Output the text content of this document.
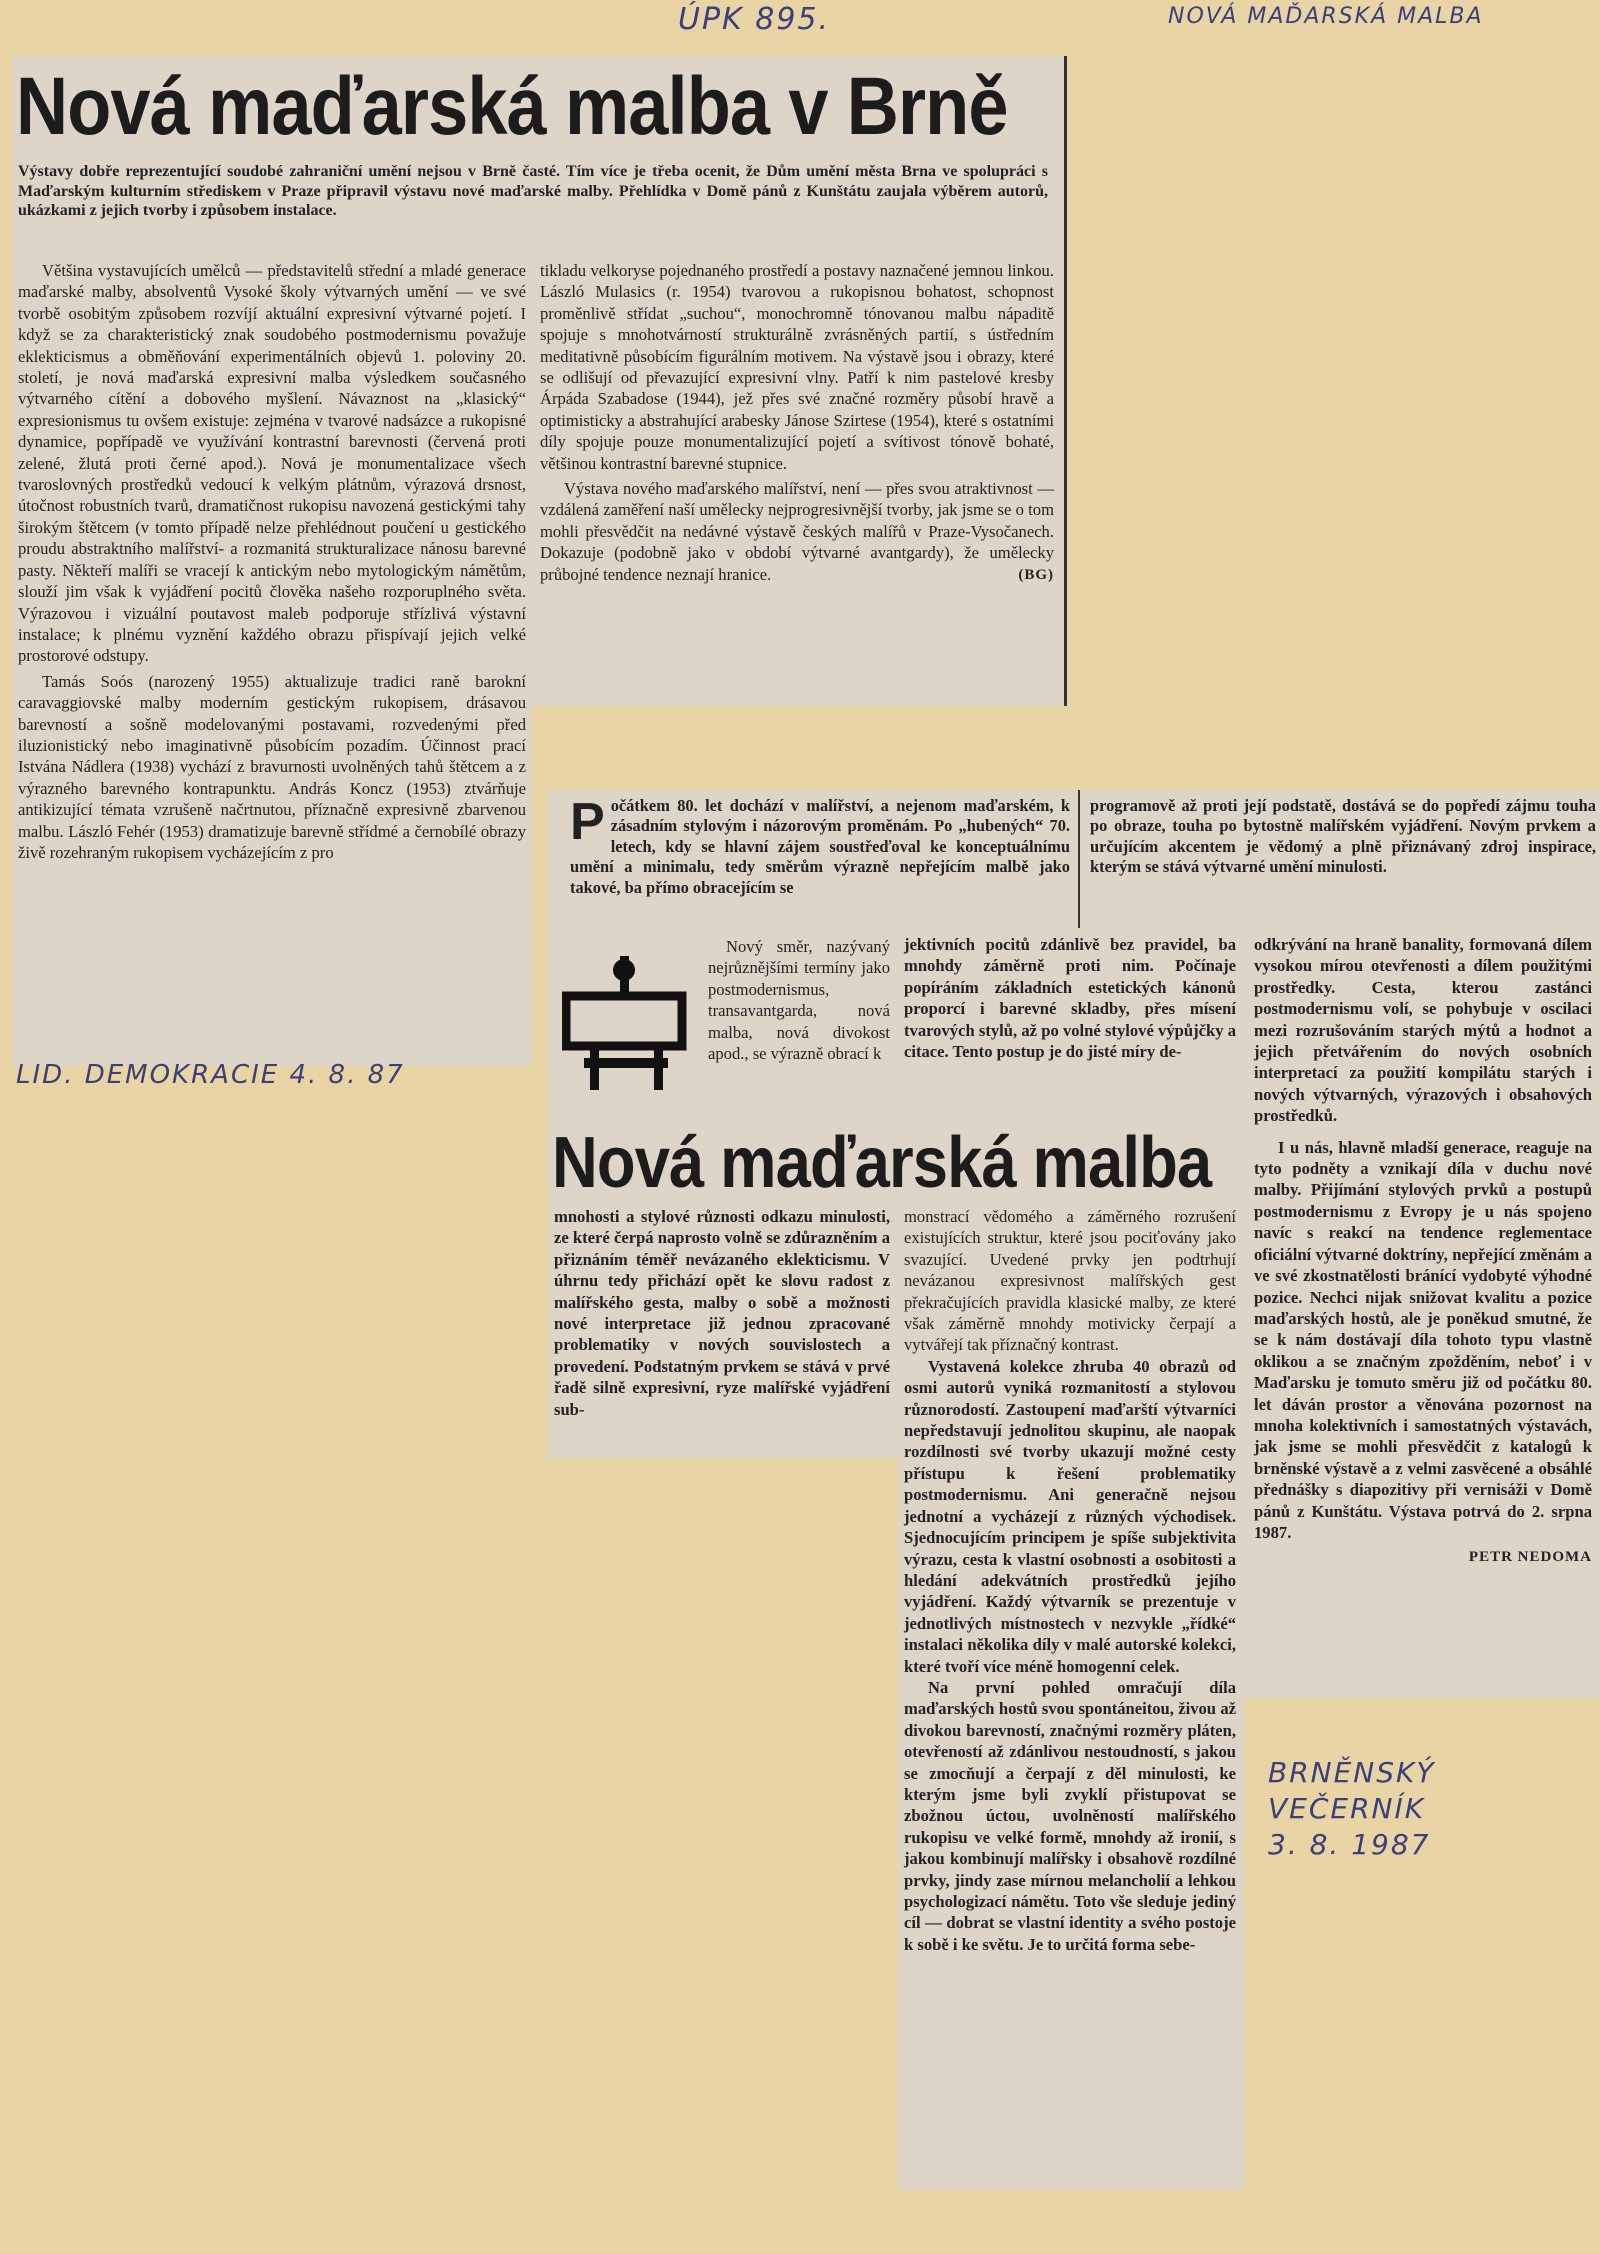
ÚPK 895.	NOVÁ MAĎARSKÁ MALBA
Nová maďarská malba v Brně
Výstavy dobře reprezentující soudobé zahraniční umění nejsou v Brně časté. Tím více je třeba ocenit, že Dům umění města Brna ve spolupráci s Maďarským kulturním střediskem v Praze připravil výstavu nové maďarské malby. Přehlídka v Domě pánů z Kunštátu zaujala výběrem autorů, ukázkami z jejich tvorby i způsobem instalace.

Většina vystavujících umělců — představitelů střední a mladé generace maďarské malby, absolventů Vysoké školy výtvarných umění — ve své tvorbě osobitým způsobem rozvíjí aktuální expresivní výtvarné pojetí. I když se za charakteristický znak soudobého postmodernismu považuje eklekticismus a obměňování experimentálních objevů 1. poloviny 20. století, je nová maďarská expresivní malba výsledkem současného výtvarného cítění a dobového myšlení. Návaznost na „klasický“ expresionismus tu ovšem existuje: zejména v tvarové nadsázce a rukopisné dynamice, popřípadě ve využívání kontrastní barevnosti (červená proti zelené, žlutá proti černé apod.). Nová je monumentalizace všech tvaroslovných prostředků vedoucí k velkým plátnům, výrazová drsnost, útočnost robustních tvarů, dramatičnost rukopisu navozená gestickými tahy širokým štětcem (v tomto případě nelze přehlédnout poučení u gestického proudu abstraktního malířství- a rozmanitá strukturalizace nánosu barevné pasty. Někteří malíři se vracejí k antickým nebo mytologickým námětům, slouží jim však k vyjádření pocitů člověka našeho rozporuplného světa. Výrazovou i vizuální poutavost maleb podporuje střízlivá výstavní instalace; k plnému vyznění každého obrazu přispívají jejich velké prostorové odstupy.

Tamás Soós (narozený 1955) aktualizuje tradici raně barokní caravaggiovské malby moderním gestickým rukopisem, drásavou barevností a sošně modelovanými postavami, rozvedenými před iluzionistický nebo imaginativně působícím pozadím. Účinnost prací Istvána Nádlera (1938) vychází z bravurnosti uvolněných tahů štětcem a z výrazného barevného kontrapunktu. András Koncz (1953) ztvárňuje antikizující témata vzrušeně načrtnutou, příznačně expresivně zbarvenou malbu. László Fehér (1953) dramatizuje barevně střídmé a černobílé obrazy živě rozehraným rukopisem vycházejícím z pro

tikladu velkoryse pojednaného prostředí a postavy naznačené jemnou linkou. László Mulasics (r. 1954) tvarovou a rukopisnou bohatost, schopnost proměnlivě střídat „suchou“, monochromně tónovanou malbu nápaditě spojuje s mnohotvárností strukturálně zvrásněných partií, s ústředním meditativně působícím figurálním motivem. Na výstavě jsou i obrazy, které se odlišují od převazující expresivní vlny. Patří k nim pastelové kresby Árpáda Szabadose (1944), jež přes své značné rozměry působí hravě a optimisticky a abstrahující arabesky Jánose Szirtese (1954), které s ostatními díly spojuje pouze monumentalizující pojetí a svítivost tónově bohaté, většinou kontrastní barevné stupnice.

Výstava nového maďarského malířství, není — přes svou atraktivnost — vzdálená zaměření naší umělecky nejprogresivnější tvorby, jak jsme se o tom mohli přesvědčit na nedávné výstavě českých malířů v Praze-Vysočanech. Dokazuje (podobně jako v období výtvarné avantgardy), že umělecky průbojné tendence neznají hranice.	(BG)
LID. DEMOKRACIE 4. 8. 87
P očátkem 80. let dochází v malířství, a nejenom maďarském, k zásadním stylovým i názorovým proměnám. Po „hubených“ 70. letech, kdy se hlavní zájem soustřeďoval ke konceptuálnímu umění a minimalu, tedy směrům výrazně nepřejícím malbě jako takové, ba přímo obracejícím se
programově až proti její podstatě, dostává se do popředí zájmu touha po obraze, touha po bytostně malířském vyjádření. Novým prvkem a určujícím akcentem je vědomý a plně přiznávaný zdroj inspirace, kterým se stává výtvarné umění minulosti.
Nový směr, nazývaný nejrůznějšími termíny jako postmodernismus, transavantgarda, nová malba, nová divokost apod., se výrazně obrací k
jektivních pocitů zdánlivě bez pravidel, ba mnohdy záměrně proti nim. Počínaje popíráním základních estetických kánonů proporcí i barevné skladby, přes mísení tvarových stylů, až po volné stylové výpůjčky a citace. Tento postup je do jisté míry de-
Nová maďarská malba

odkrývání na hraně banality, formovaná dílem vysokou mírou otevřenosti a dílem použitými prostředky. Cesta, kterou zastánci postmodernismu volí, se pohybuje v oscilaci mezi rozrušováním starých mýtů a hodnot a jejich přetvářením do nových osobních interpretací za použití kompilátu starých i nových výtvarných, výrazových i obsahových prostředků.

I u nás, hlavně mladší generace, reaguje na tyto podněty a vznikají díla v duchu nové malby. Přijímání stylových prvků a postupů postmodernismu z Evropy je u nás spojeno navíc s reakcí na tendence reglementace oficiální výtvarné doktríny, nepřející změnám a ve své zkostnatělosti bránící vydobyté výhodné pozice. Nechci nijak snižovat kvalitu a pozice maďarských hostů, ale je poněkud smutné, že se k nám dostávají díla tohoto typu vlastně oklikou a se značným zpožděním, neboť i v Maďarsku je tomuto směru již od počátku 80. let dáván prostor a věnována pozornost na mnoha kolektivních i samostatných výstavách, jak jsme se mohli přesvědčit z katalogů k brněnské výstavě a z velmi zasvěcené a obsáhlé přednášky s diapozitivy při vernisáži v Domě pánů z Kunštátu. Výstava potrvá do 2. srpna 1987.

PETR NEDOMA
mnohosti a stylové různosti odkazu minulosti, ze které čerpá naprosto volně se zdůrazněním a přiznáním téměř nevázaného eklekticismu. V úhrnu tedy přichází opět ke slovu radost z malířského gesta, malby o sobě a možnosti nové interpretace již jednou zpracované problematiky v nových souvislostech a provedení. Podstatným prvkem se stává v prvé řadě silně expresivní, ryze malířské vyjádření sub-

monstrací vědomého a záměrného rozrušení existujících struktur, které jsou pociťovány jako svazující. Uvedené prvky jen podtrhují nevázanou expresivnost malířských gest překračujících pravidla klasické malby, ze které však záměrně mnohdy motivicky čerpají a vytvářejí tak příznačný kontrast.

Vystavená kolekce zhruba 40 obrazů od osmi autorů vyniká rozmanitostí a stylovou různorodostí. Zastoupení maďarští výtvarníci nepředstavují jednolitou skupinu, ale naopak rozdílnosti své tvorby ukazují možné cesty přístupu k řešení problematiky postmodernismu. Ani generačně nejsou jednotní a vycházejí z různých východisek. Sjednocujícím principem je spíše subjektivita výrazu, cesta k vlastní osobnosti a osobitosti a hledání adekvátních prostředků jejího vyjádření. Každý výtvarník se prezentuje v jednotlivých místnostech v nezvykle „řídké“ instalaci několika díly v malé autorské kolekci, které tvoří více méně homogenní celek.

Na první pohled omračují díla maďarských hostů svou spontáneitou, živou až divokou barevností, značnými rozměry pláten, otevřeností až zdánlivou nestoudností, s jakou se zmocňují a čerpají z děl minulosti, ke kterým jsme byli zvyklí přistupovat se zbožnou úctou, uvolněností malířského rukopisu ve velké formě, mnohdy až ironií, s jakou kombinují malířsky i obsahově rozdílné prvky, jindy zase mírnou melancholií a lehkou psychologizací námětu. Toto vše sleduje jediný cíl — dobrat se vlastní identity a svého postoje k sobě i ke světu. Je to určitá forma sebe-

BRNĚNSKÝ
VEČERNÍK
3. 8. 1987
